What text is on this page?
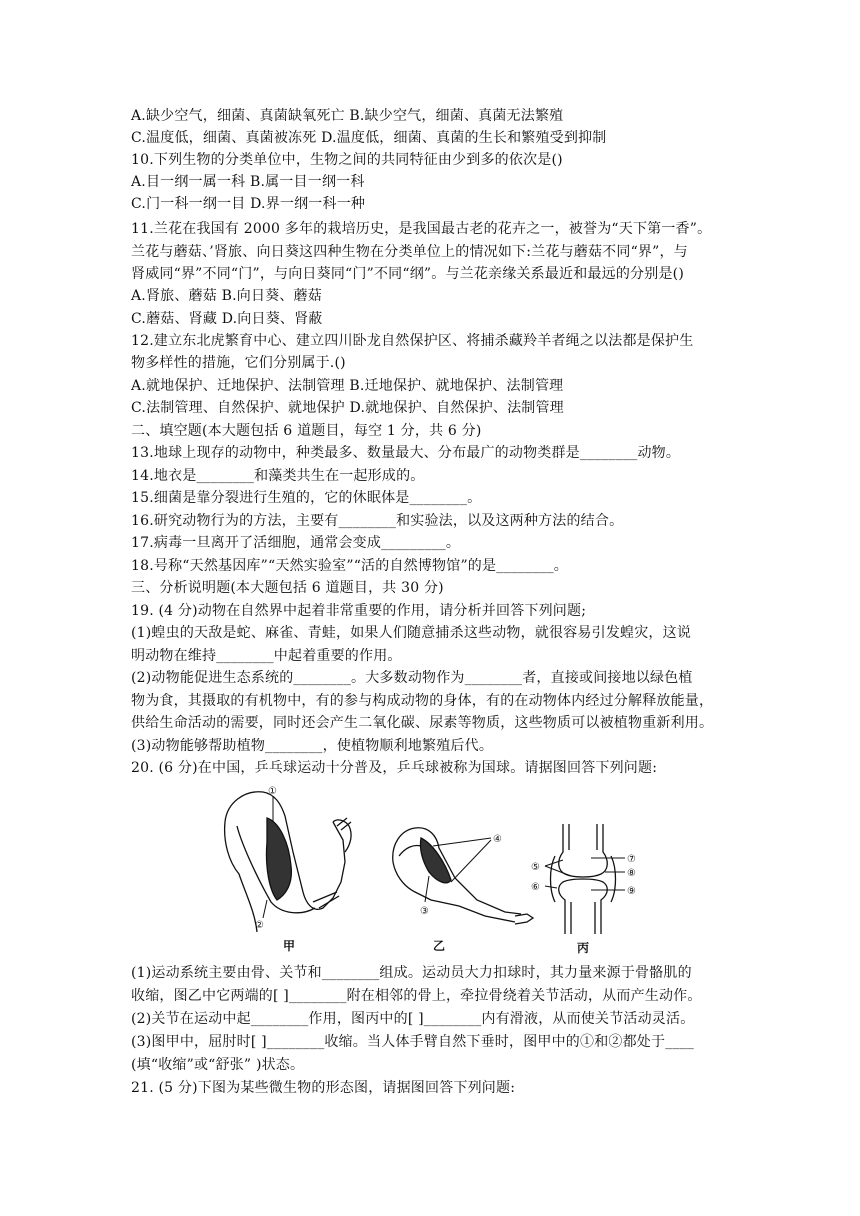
A.缺少空气，细菌、真菌缺氧死亡 B.缺少空气，细菌、真菌无法繁殖
C.温度低，细菌、真菌被冻死 D.温度低，细菌、真菌的生长和繁殖受到抑制
10.下列生物的分类单位中，生物之间的共同特征由少到多的依次是()
A.目一纲一属一科 B.属一目一纲一科
C.门一科一纲一目 D.界一纲一科一种
11.兰花在我国有 2000 多年的栽培历史，是我国最古老的花卉之一，被誉为“天下第一香”。
兰花与蘑菇、’肾旅、向日葵这四种生物在分类单位上的情况如下:兰花与蘑菇不同“界”，与
肾威同“界”不同“门”，与向日葵同“门”不同“纲”。与兰花亲缘关系最近和最远的分别是()
A.肾旅、蘑菇 B.向日葵、蘑菇
C.蘑菇、肾藏 D.向日葵、肾蔽
12.建立东北虎繁育中心、建立四川卧龙自然保护区、将捕杀藏羚羊者绳之以法都是保护生
物多样性的措施，它们分别属于.()
A.就地保护、迁地保护、法制管理 B.迁地保护、就地保护、法制管理
C.法制管理、自然保护、就地保护 D.就地保护、自然保护、法制管理
二、填空题(本大题包括 6 道题目，每空 1 分，共 6 分)
13.地球上现存的动物中，种类最多、数量最大、分布最广的动物类群是________动物。
14.地衣是________和藻类共生在一起形成的。
15.细菌是靠分裂进行生殖的，它的休眠体是________。
16.研究动物行为的方法，主要有________和实验法，以及这两种方法的结合。
17.病毒一旦离开了活细胞，通常会变成_________。
18.号称“天然基因库”“天然实验室”“活的自然博物馆”的是________。
三、分析说明题(本大题包括 6 道题目，共 30 分)
19. (4 分)动物在自然界中起着非常重要的作用，请分析并回答下列问题;
(1)蝗虫的天敌是蛇、麻雀、青蛙，如果人们随意捕杀这些动物，就很容易引发蝗灾，这说
明动物在维持________中起着重要的作用。
(2)动物能促进生态系统的________。大多数动物作为________者，直接或间接地以绿色植
物为食，其摄取的有机物中，有的参与构成动物的身体，有的在动物体内经过分解释放能量，
供给生命活动的需要，同时还会产生二氧化碳、尿素等物质，这些物质可以被植物重新利用。
(3)动物能够帮助植物________，使植物顺利地繁殖后代。
20. (6 分)在中国，乒乓球运动十分普及，乒乓球被称为国球。请据图回答下列问题:
①
②
甲
④
③
乙
⑤
⑥
⑦
⑧
⑨
丙
(1)运动系统主要由骨、关节和________组成。运动员大力扣球时，其力量来源于骨骼肌的
收缩，图乙中它两端的[ ]________附在相邻的骨上，牵拉骨绕着关节活动，从而产生动作。
(2)关节在运动中起________作用，图丙中的[ ]________内有滑液，从而使关节活动灵活。
(3)图甲中，屈肘时[ ]________收缩。当人体手臂自然下垂时，图甲中的①和②都处于____
(填“收缩”或“舒张” )状态。
21. (5 分)下图为某些微生物的形态图，请据图回答下列问题:
